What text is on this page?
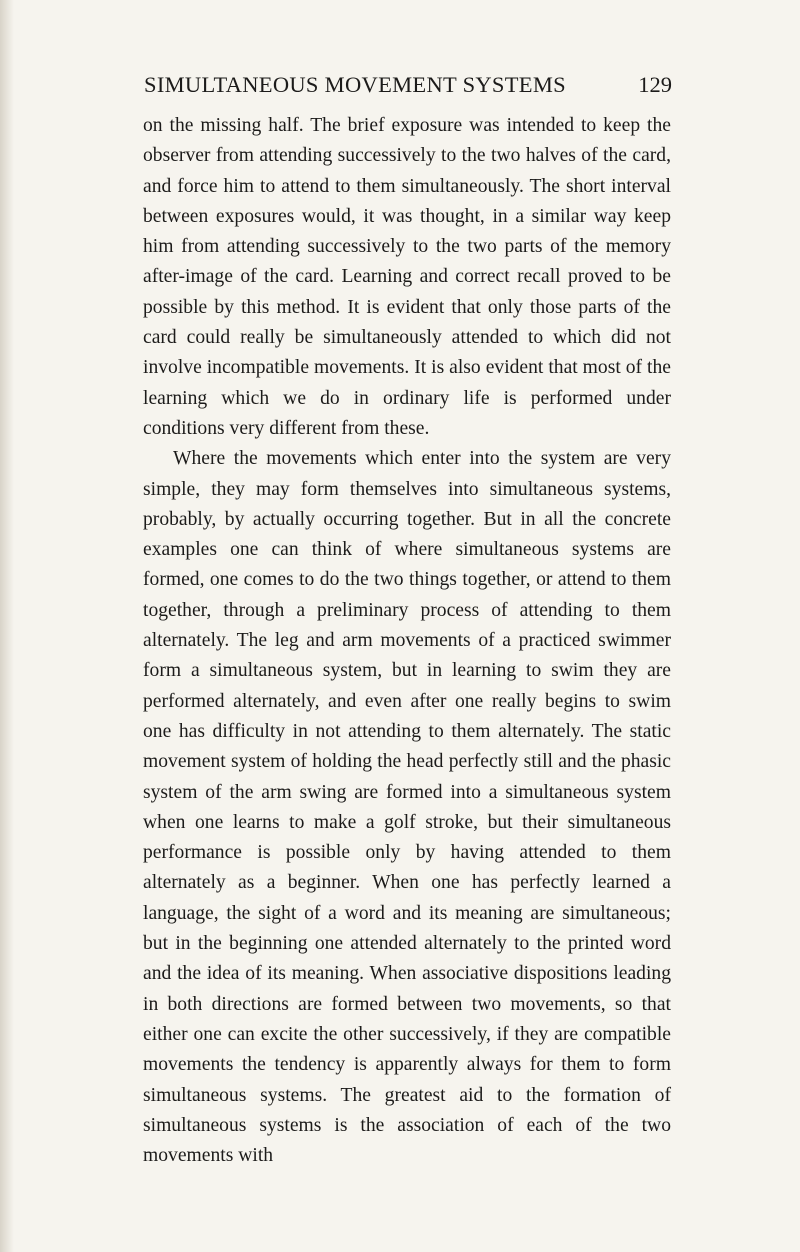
SIMULTANEOUS MOVEMENT SYSTEMS	129

on the missing half. The brief exposure was intended to keep the observer from attending successively to the two halves of the card, and force him to attend to them simultaneously. The short interval between exposures would, it was thought, in a similar way keep him from attending successively to the two parts of the memory after-image of the card. Learning and correct recall proved to be possible by this method. It is evident that only those parts of the card could really be simultaneously attended to which did not involve incompatible movements. It is also evident that most of the learning which we do in ordinary life is performed under conditions very different from these.

Where the movements which enter into the system are very simple, they may form themselves into simultaneous systems, probably, by actually occurring together. But in all the concrete examples one can think of where simultaneous systems are formed, one comes to do the two things together, or attend to them together, through a preliminary process of attending to them alternately. The leg and arm movements of a practiced swimmer form a simultaneous system, but in learning to swim they are performed alternately, and even after one really begins to swim one has difficulty in not attending to them alternately. The static movement system of holding the head perfectly still and the phasic system of the arm swing are formed into a simultaneous system when one learns to make a golf stroke, but their simultaneous performance is possible only by having attended to them alternately as a beginner. When one has perfectly learned a language, the sight of a word and its meaning are simultaneous; but in the beginning one attended alternately to the printed word and the idea of its meaning. When associative dispositions leading in both directions are formed between two movements, so that either one can excite the other successively, if they are compatible movements the tendency is apparently always for them to form simultaneous systems. The greatest aid to the formation of simultaneous systems is the association of each of the two movements with
